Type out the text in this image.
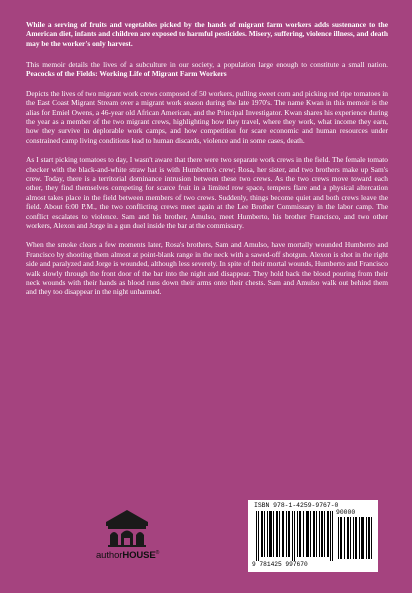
While a serving of fruits and vegetables picked by the hands of migrant farm workers adds sustenance to the American diet, infants and children are exposed to harmful pesticides. Misery, suffering, violence illness, and death may be the worker's only harvest.

This memoir details the lives of a subculture in our society, a population large enough to constitute a small nation. Peacocks of the Fields: Working Life of Migrant Farm Workers

Depicts the lives of two migrant work crews composed of 50 workers, pulling sweet corn and picking red ripe tomatoes in the East Coast Migrant Stream over a migrant work season during the late 1970's. The name Kwan in this memoir is the alias for Emiel Owens, a 46-year old African American, and the Principal Investigator. Kwan shares his experience during the year as a member of the two migrant crews, highlighting how they travel, where they work, what income they earn, how they survive in deplorable work camps, and how competition for scare economic and human resources under constrained camp living conditions lead to human discards, violence and in some cases, death.

As I start picking tomatoes to day, I wasn't aware that there were two separate work crews in the field. The female tomato checker with the black-and-white straw hat is with Humberto's crew; Rosa, her sister, and two brothers make up Sam's crew. Today, there is a territorial dominance intrusion between these two crews. As the two crews move toward each other, they find themselves competing for scarce fruit in a limited row space, tempers flare and a physical altercation almost takes place in the field between members of two crews. Suddenly, things become quiet and both crews leave the field. About 6:00 P.M., the two conflicting crews meet again at the Lee Brother Commissary in the labor camp. The conflict escalates to violence. Sam and his brother, Amulso, meet Humberto, his brother Francisco, and two other workers, Alexon and Jorge in a gun duel inside the bar at the commissary.

When the smoke clears a few moments later, Rosa's brothers, Sam and Amulso, have mortally wounded Humberto and Francisco by shooting them almost at point-blank range in the neck with a sawed-off shotgun. Alexon is shot in the right side and paralyzed and Jorge is wounded, although less severely. In spite of their mortal wounds, Humberto and Francisco walk slowly through the front door of the bar into the night and disappear. They hold back the blood pouring from their neck wounds with their hands as blood runs down their arms onto their chests. Sam and Amulso walk out behind them and they too disappear in the night unharmed.

authorHOUSE®
ISBN 978-1-4259-9767-0
90000
9 781425 997670
